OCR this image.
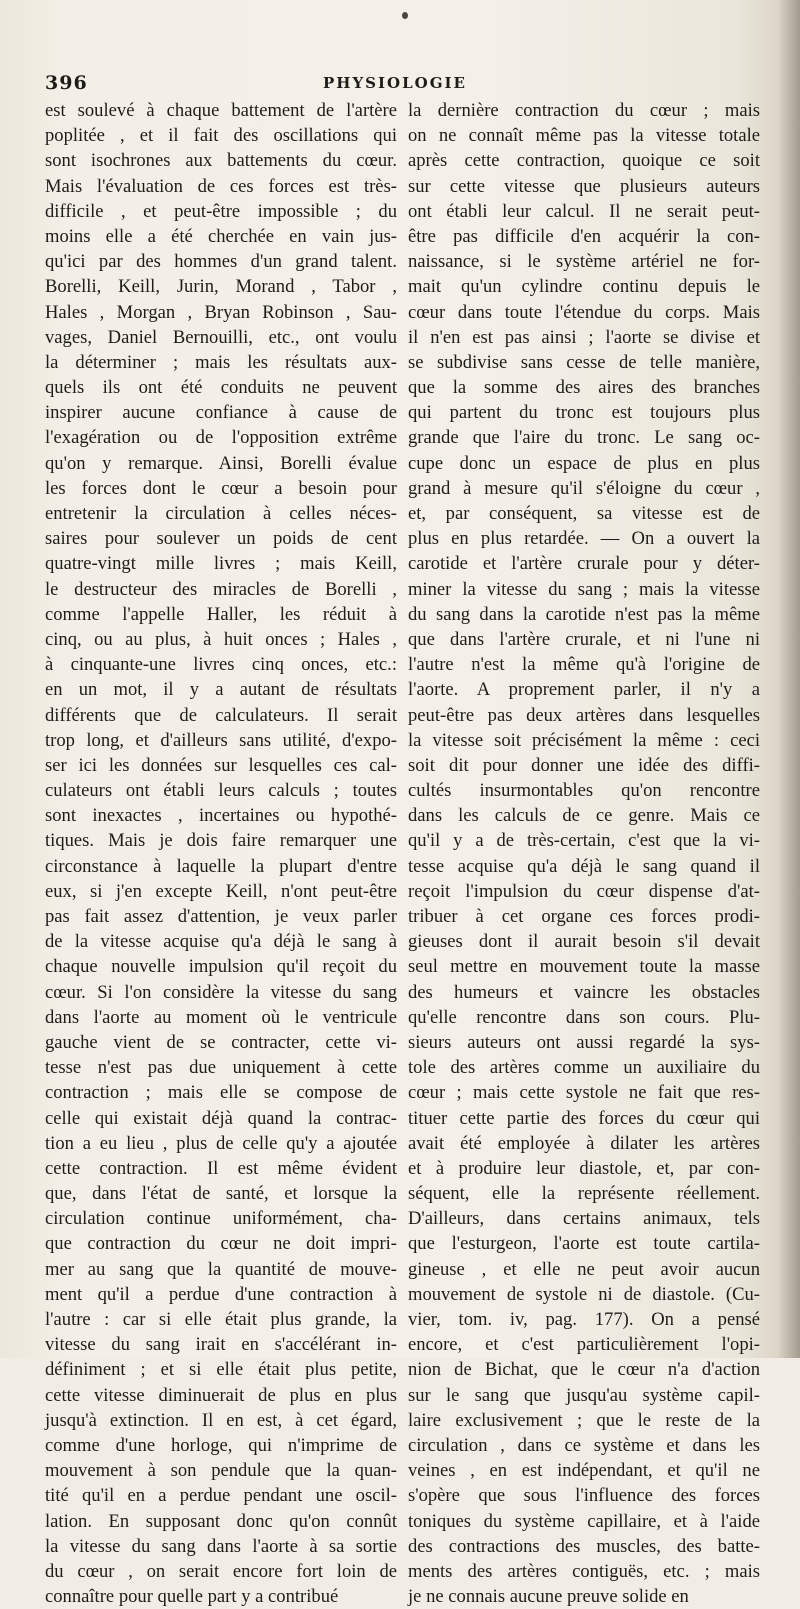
396	PHYSIOLOGIE
est soulevé à chaque battement de l'artère
poplitée , et il fait des oscillations qui
sont isochrones aux battements du cœur.
Mais l'évaluation de ces forces est très-
difficile , et peut-être impossible ; du
moins elle a été cherchée en vain jus-
qu'ici par des hommes d'un grand talent.
Borelli, Keill, Jurin, Morand , Tabor ,
Hales , Morgan , Bryan Robinson , Sau-
vages, Daniel Bernouilli, etc., ont voulu
la déterminer ; mais les résultats aux-
quels ils ont été conduits ne peuvent
inspirer aucune confiance à cause de
l'exagération ou de l'opposition extrême
qu'on y remarque. Ainsi, Borelli évalue
les forces dont le cœur a besoin pour
entretenir la circulation à celles néces-
saires pour soulever un poids de cent
quatre-vingt mille livres ; mais Keill,
le destructeur des miracles de Borelli ,
comme l'appelle Haller, les réduit à
cinq, ou au plus, à huit onces ; Hales ,
à cinquante-une livres cinq onces, etc.:
en un mot, il y a autant de résultats
différents que de calculateurs. Il serait
trop long, et d'ailleurs sans utilité, d'expo-
ser ici les données sur lesquelles ces cal-
culateurs ont établi leurs calculs ; toutes
sont inexactes , incertaines ou hypothé-
tiques. Mais je dois faire remarquer une
circonstance à laquelle la plupart d'entre
eux, si j'en excepte Keill, n'ont peut-être
pas fait assez d'attention, je veux parler
de la vitesse acquise qu'a déjà le sang à
chaque nouvelle impulsion qu'il reçoit du
cœur. Si l'on considère la vitesse du sang
dans l'aorte au moment où le ventricule
gauche vient de se contracter, cette vi-
tesse n'est pas due uniquement à cette
contraction ; mais elle se compose de
celle qui existait déjà quand la contrac-
tion a eu lieu , plus de celle qu'y a ajoutée
cette contraction. Il est même évident
que, dans l'état de santé, et lorsque la
circulation continue uniformément, cha-
que contraction du cœur ne doit impri-
mer au sang que la quantité de mouve-
ment qu'il a perdue d'une contraction à
l'autre : car si elle était plus grande, la
vitesse du sang irait en s'accélérant in-
définiment ; et si elle était plus petite,
cette vitesse diminuerait de plus en plus
jusqu'à extinction. Il en est, à cet égard,
comme d'une horloge, qui n'imprime de
mouvement à son pendule que la quan-
tité qu'il en a perdue pendant une oscil-
lation. En supposant donc qu'on connût
la vitesse du sang dans l'aorte à sa sortie
du cœur , on serait encore fort loin de
connaître pour quelle part y a contribué
la dernière contraction du cœur ; mais
on ne connaît même pas la vitesse totale
après cette contraction, quoique ce soit
sur cette vitesse que plusieurs auteurs
ont établi leur calcul. Il ne serait peut-
être pas difficile d'en acquérir la con-
naissance, si le système artériel ne for-
mait qu'un cylindre continu depuis le
cœur dans toute l'étendue du corps. Mais
il n'en est pas ainsi ; l'aorte se divise et
se subdivise sans cesse de telle manière,
que la somme des aires des branches
qui partent du tronc est toujours plus
grande que l'aire du tronc. Le sang oc-
cupe donc un espace de plus en plus
grand à mesure qu'il s'éloigne du cœur ,
et, par conséquent, sa vitesse est de
plus en plus retardée. — On a ouvert la
carotide et l'artère crurale pour y déter-
miner la vitesse du sang ; mais la vitesse
du sang dans la carotide n'est pas la même
que dans l'artère crurale, et ni l'une ni
l'autre n'est la même qu'à l'origine de
l'aorte. A proprement parler, il n'y a
peut-être pas deux artères dans lesquelles
la vitesse soit précisément la même : ceci
soit dit pour donner une idée des diffi-
cultés insurmontables qu'on rencontre
dans les calculs de ce genre. Mais ce
qu'il y a de très-certain, c'est que la vi-
tesse acquise qu'a déjà le sang quand il
reçoit l'impulsion du cœur dispense d'at-
tribuer à cet organe ces forces prodi-
gieuses dont il aurait besoin s'il devait
seul mettre en mouvement toute la masse
des humeurs et vaincre les obstacles
qu'elle rencontre dans son cours. Plu-
sieurs auteurs ont aussi regardé la sys-
tole des artères comme un auxiliaire du
cœur ; mais cette systole ne fait que res-
tituer cette partie des forces du cœur qui
avait été employée à dilater les artères
et à produire leur diastole, et, par con-
séquent, elle la représente réellement.
D'ailleurs, dans certains animaux, tels
que l'esturgeon, l'aorte est toute cartila-
gineuse , et elle ne peut avoir aucun
mouvement de systole ni de diastole. (Cu-
vier, tom. iv, pag. 177). On a pensé
encore, et c'est particulièrement l'opi-
nion de Bichat, que le cœur n'a d'action
sur le sang que jusqu'au système capil-
laire exclusivement ; que le reste de la
circulation , dans ce système et dans les
veines , en est indépendant, et qu'il ne
s'opère que sous l'influence des forces
toniques du système capillaire, et à l'aide
des contractions des muscles, des batte-
ments des artères contiguës, etc. ; mais
je ne connais aucune preuve solide en
